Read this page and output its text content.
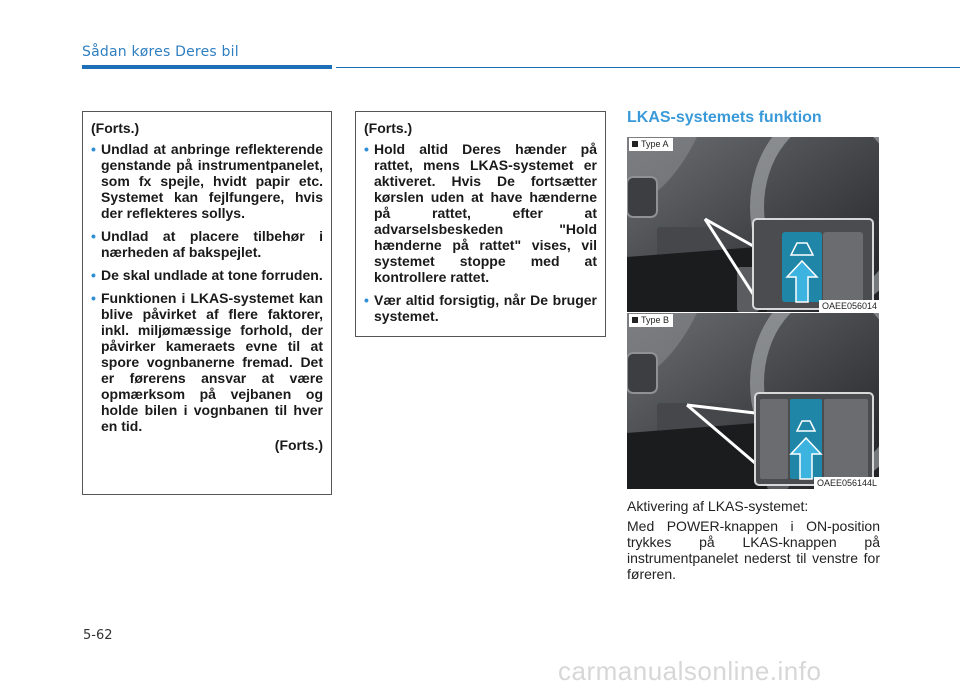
Sådan køres Deres bil
(Forts.)
• Undlad at anbringe reflekterende genstande på instrumentpanelet, som fx spejle, hvidt papir etc. Systemet kan fejlfungere, hvis der reflekteres sollys.
• Undlad at placere tilbehør i nærheden af bakspejlet.
• De skal undlade at tone forruden.
• Funktionen i LKAS-systemet kan blive påvirket af flere faktorer, inkl. miljømæssige forhold, der påvirker kameraets evne til at spore vognbanerne fremad. Det er førerens ansvar at være opmærksom på vejbanen og holde bilen i vognbanen til hver en tid.
(Forts.)
(Forts.)
• Hold altid Deres hænder på rattet, mens LKAS-systemet er aktiveret. Hvis De fortsætter kørslen uden at have hænderne på rattet, efter at advarselsbeskeden "Hold hænderne på rattet" vises, vil systemet stoppe med at kontrollere rattet.
• Vær altid forsigtig, når De bruger systemet.
LKAS-systemets funktion
Type A
OAEE056014
Type B
OAEE056144L
Aktivering af LKAS-systemet:
Med POWER-knappen i ON-position trykkes på LKAS-knappen på instrumentpanelet nederst til venstre for føreren.
5-62
carmanualsonline.info
